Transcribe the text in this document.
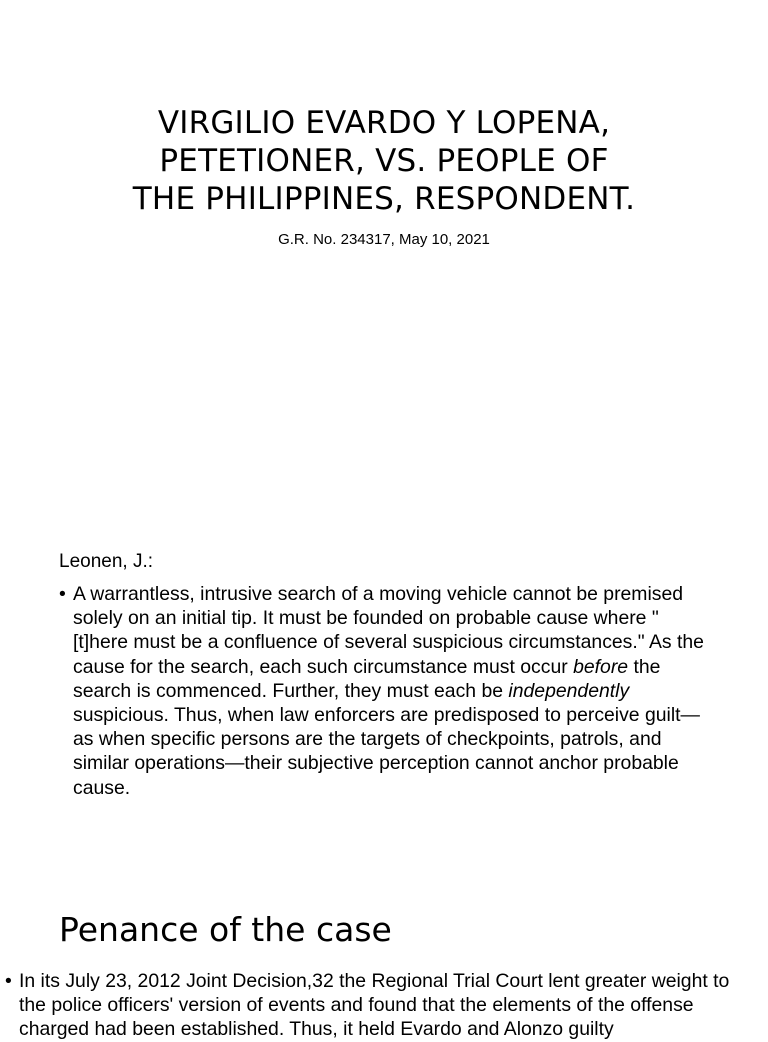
VIRGILIO EVARDO Y LOPENA,
PETETIONER, VS. PEOPLE OF
THE PHILIPPINES, RESPONDENT.
G.R. No. 234317, May 10, 2021
Leonen, J.:
• A warrantless, intrusive search of a moving vehicle cannot be premised solely on an initial tip. It must be founded on probable cause where "[t]here must be a confluence of several suspicious circumstances." As the cause for the search, each such circumstance must occur before the search is commenced. Further, they must each be independently suspicious. Thus, when law enforcers are predisposed to perceive guilt—as when specific persons are the targets of checkpoints, patrols, and similar operations—their subjective perception cannot anchor probable cause.
Penance of the case
• In its July 23, 2012 Joint Decision,32 the Regional Trial Court lent greater weight to the police officers' version of events and found that the elements of the offense charged had been established. Thus, it held Evardo and Alonzo guilty
